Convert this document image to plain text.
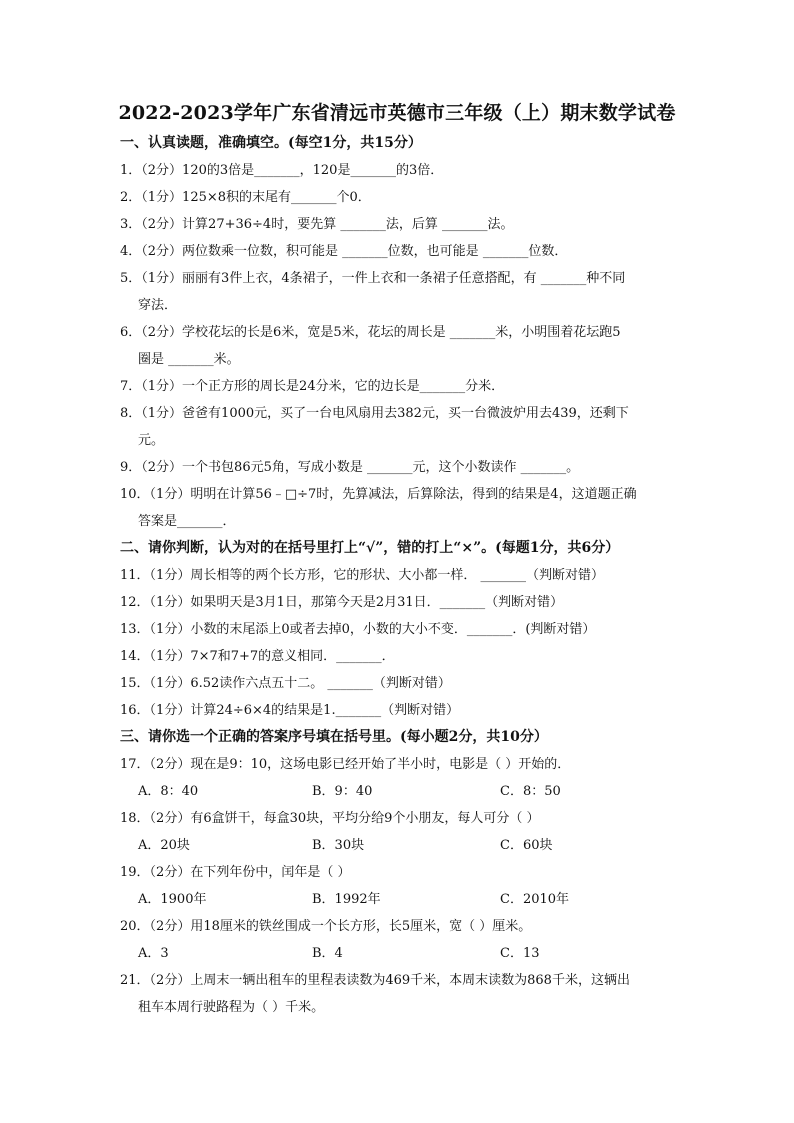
2022-2023学年广东省清远市英德市三年级（上）期末数学试卷
一、认真读题，准确填空。(每空1分，共15分）
1．（2分）120的3倍是_______，120是_______的3倍．
2．（1分）125×8积的末尾有_______个0．
3．（2分）计算27+36÷4时，要先算 _______法，后算 _______法。
4．（2分）两位数乘一位数，积可能是 _______位数，也可能是 _______位数．
5．（1分）丽丽有3件上衣，4条裙子，一件上衣和一条裙子任意搭配，有 _______种不同
穿法．
6．（2分）学校花坛的长是6米，宽是5米，花坛的周长是 _______米，小明围着花坛跑5
圈是 _______米。
7．（1分）一个正方形的周长是24分米，它的边长是_______分米．
8．（1分）爸爸有1000元，买了一台电风扇用去382元，买一台微波炉用去439，还剩下
元。
9．（2分）一个书包86元5角，写成小数是 _______元，这个小数读作 _______。
10．（1分）明明在计算56﹣□÷7时，先算减法，后算除法，得到的结果是4，这道题正确
答案是_______．
二、请你判断，认为对的在括号里打上“√”，错的打上“×”。(每题1分，共6分）
11．（1分）周长相等的两个长方形，它的形状、大小都一样． _______（判断对错）
12．（1分）如果明天是3月1日，那第今天是2月31日．_______（判断对错）
13．（1分）小数的末尾添上0或者去掉0，小数的大小不变．_______．(判断对错）
14．（1分）7×7和7+7的意义相同．_______．
15．（1分）6.52读作六点五十二。 _______（判断对错）
16．（1分）计算24÷6×4的结果是1._______（判断对错）
三、请你选一个正确的答案序号填在括号里。(每小题2分，共10分）
17．（2分）现在是9：10，这场电影已经开始了半小时，电影是（ ）开始的．
A．8：40	B．9：40	C．8：50
18．（2分）有6盒饼干，每盒30块，平均分给9个小朋友，每人可分（ ）
A．20块	B．30块	C．60块
19．（2分）在下列年份中，闰年是（ ）
A．1900年	B．1992年	C．2010年
20．（2分）用18厘米的铁丝围成一个长方形，长5厘米，宽（ ）厘米。
A．3	B．4	C．13
21．（2分）上周末一辆出租车的里程表读数为469千米，本周末读数为868千米，这辆出
租车本周行驶路程为（ ）千米。
